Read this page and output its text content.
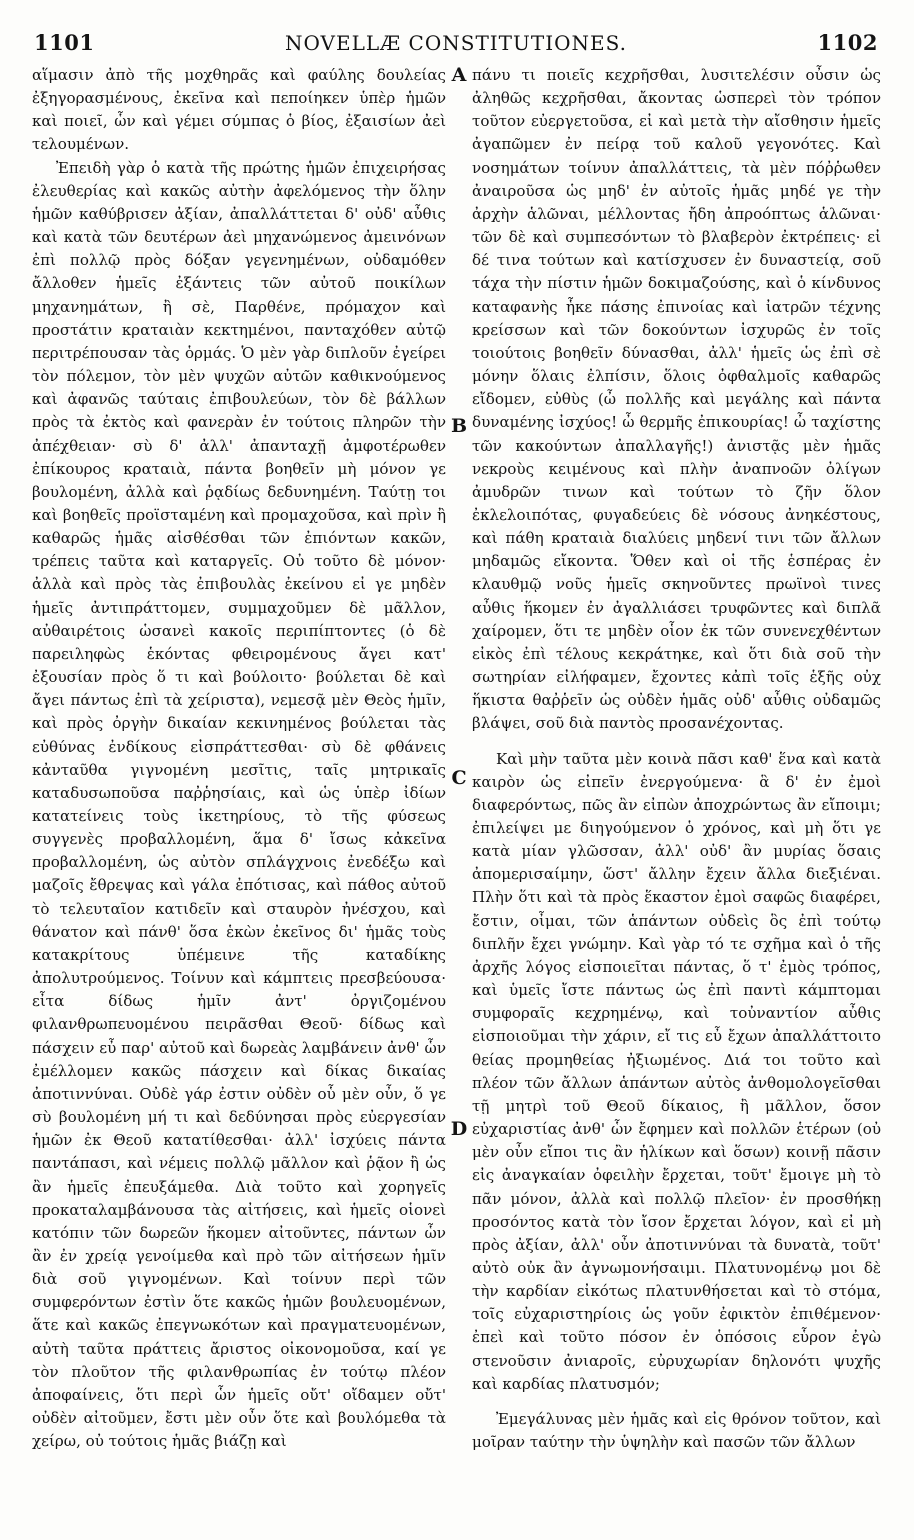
1101	NOVELLÆ CONSTITUTIONES.	1102

αἵμασιν ἀπὸ τῆς μοχθηρᾶς καὶ φαύλης δουλείας ἐξηγορασμένους, ἐκεῖνα καὶ πεποίηκεν ὑπὲρ ἡμῶν καὶ ποιεῖ, ὧν καὶ γέμει σύμπας ὁ βίος, ἐξαισίων ἀεὶ τελουμένων.

Ἐπειδὴ γὰρ ὁ κατὰ τῆς πρώτης ἡμῶν ἐπιχειρήσας ἐλευθερίας καὶ κακῶς αὐτὴν ἀφελόμενος τὴν ὅλην ἡμῶν καθύβρισεν ἀξίαν, ἀπαλλάττεται δ' οὐδ' αὖθις καὶ κατὰ τῶν δευτέρων ἀεὶ μηχανώμενος ἀμεινόνων ἐπὶ πολλῷ πρὸς δόξαν γεγενημένων, οὐδαμόθεν ἄλλοθεν ἡμεῖς ἐξάντεις τῶν αὐτοῦ ποικίλων μηχανημάτων, ἢ σὲ, Παρθένε, πρόμαχον καὶ προστάτιν κραταιὰν κεκτημένοι, πανταχόθεν αὐτῷ περιτρέπουσαν τὰς ὁρμάς. Ὁ μὲν γὰρ διπλοῦν ἐγείρει τὸν πόλεμον, τὸν μὲν ψυχῶν αὐτῶν καθικνούμενος καὶ ἀφανῶς ταύταις ἐπιβουλεύων, τὸν δὲ βάλλων πρὸς τὰ ἐκτὸς καὶ φανερὰν ἐν τούτοις πληρῶν τὴν ἀπέχθειαν· σὺ δ' ἀλλ' ἀπανταχῇ ἀμφοτέρωθεν ἐπίκουρος κραταιὰ, πάντα βοηθεῖν μὴ μόνον γε βουλομένη, ἀλλὰ καὶ ῥᾳδίως δεδυνημένη. Ταύτῃ τοι καὶ βοηθεῖς προϊσταμένη καὶ προμαχοῦσα, καὶ πρὶν ἢ καθαρῶς ἡμᾶς αἰσθέσθαι τῶν ἐπιόντων κακῶν, τρέπεις ταῦτα καὶ καταργεῖς. Οὐ τοῦτο δὲ μόνον· ἀλλὰ καὶ πρὸς τὰς ἐπιβουλὰς ἐκείνου εἰ γε μηδὲν ἡμεῖς ἀντιπράττομεν, συμμαχοῦμεν δὲ μᾶλλον, αὐθαιρέτοις ὡσανεὶ κακοῖς περιπίπτοντες (ὁ δὲ παρειληφὼς ἑκόντας φθειρομένους ἄγει κατ' ἐξουσίαν πρὸς ὅ τι καὶ βούλοιτο· βούλεται δὲ καὶ ἄγει πάντως ἐπὶ τὰ χείριστα), νεμεσᾷ μὲν Θεὸς ἡμῖν, καὶ πρὸς ὀργὴν δικαίαν κεκινημένος βούλεται τὰς εὐθύνας ἐνδίκους εἰσπράττεσθαι· σὺ δὲ φθάνεις κἀνταῦθα γιγνομένη μεσῖτις, ταῖς μητρικαῖς καταδυσωποῦσα παῤῥησίαις, καὶ ὡς ὑπὲρ ἰδίων κατατείνεις τοὺς ἱκετηρίους, τὸ τῆς φύσεως συγγενὲς προβαλλομένη, ἅμα δ' ἴσως κἀκεῖνα προβαλλομένη, ὡς αὐτὸν σπλάγχνοις ἐνεδέξω καὶ μαζοῖς ἔθρεψας καὶ γάλα ἐπότισας, καὶ πάθος αὐτοῦ τὸ τελευταῖον κατιδεῖν καὶ σταυρὸν ἠνέσχου, καὶ θάνατον καὶ πάνθ' ὅσα ἑκὼν ἐκεῖνος δι' ἡμᾶς τοὺς κατακρίτους ὑπέμεινε τῆς καταδίκης ἀπολυτρούμενος. Τοίνυν καὶ κάμπτεις πρεσβεύουσα· εἶτα δίδως ἡμῖν ἀντ' ὀργιζομένου φιλανθρωπευομένου πειρᾶσθαι Θεοῦ· δίδως καὶ πάσχειν εὖ παρ' αὐτοῦ καὶ δωρεὰς λαμβάνειν ἀνθ' ὧν ἐμέλλομεν κακῶς πάσχειν καὶ δίκας δικαίας ἀποτιννύναι. Οὐδὲ γάρ ἐστιν οὐδὲν οὗ μὲν οὖν, ὅ γε σὺ βουλομένη μή τι καὶ δεδύνησαι πρὸς εὐεργεσίαν ἡμῶν ἐκ Θεοῦ κατατίθεσθαι· ἀλλ' ἰσχύεις πάντα παντάπασι, καὶ νέμεις πολλῷ μᾶλλον καὶ ῥᾷον ἢ ὡς ἂν ἡμεῖς ἐπευξάμεθα. Διὰ τοῦτο καὶ χορηγεῖς προκαταλαμβάνουσα τὰς αἰτήσεις, καὶ ἡμεῖς οἱονεὶ κατόπιν τῶν δωρεῶν ἥκομεν αἰτοῦντες, πάντων ὧν ἂν ἐν χρείᾳ γενοίμεθα καὶ πρὸ τῶν αἰτήσεων ἡμῖν διὰ σοῦ γιγνομένων. Καὶ τοίνυν περὶ τῶν συμφερόντων ἐστὶν ὅτε κακῶς ἡμῶν βουλευομένων, ἅτε καὶ κακῶς ἐπεγνωκότων καὶ πραγματευομένων, αὐτὴ ταῦτα πράττεις ἄριστος οἰκονομοῦσα, καί γε τὸν πλοῦτον τῆς φιλανθρωπίας ἐν τούτῳ πλέον ἀποφαίνεις, ὅτι περὶ ὧν ἡμεῖς οὔτ' οἴδαμεν οὔτ' οὐδὲν αἰτοῦμεν, ἔστι μὲν οὖν ὅτε καὶ βουλόμεθα τὰ χείρω, οὐ τούτοις ἡμᾶς βιάζῃ καὶ

A
B
C
D

πάνυ τι ποιεῖς κεχρῆσθαι, λυσιτελέσιν οὖσιν ὡς ἀληθῶς κεχρῆσθαι, ἄκοντας ὡσπερεὶ τὸν τρόπον τοῦτον εὐεργετοῦσα, εἰ καὶ μετὰ τὴν αἴσθησιν ἡμεῖς ἀγαπῶμεν ἐν πείρᾳ τοῦ καλοῦ γεγονότες. Καὶ νοσημάτων τοίνυν ἀπαλλάττεις, τὰ μὲν πόῤῥωθεν ἀναιροῦσα ὡς μηδ' ἐν αὐτοῖς ἡμᾶς μηδέ γε τὴν ἀρχὴν ἁλῶναι, μέλλοντας ἤδη ἀπροόπτως ἁλῶναι· τῶν δὲ καὶ συμπεσόντων τὸ βλαβερὸν ἐκτρέπεις· εἰ δέ τινα τούτων καὶ κατίσχυσεν ἐν δυναστείᾳ, σοῦ τάχα τὴν πίστιν ἡμῶν δοκιμαζούσης, καὶ ὁ κίνδυνος καταφανὴς ἧκε πάσης ἐπινοίας καὶ ἰατρῶν τέχνης κρείσσων καὶ τῶν δοκούντων ἰσχυρῶς ἐν τοῖς τοιούτοις βοηθεῖν δύνασθαι, ἀλλ' ἡμεῖς ὡς ἐπὶ σὲ μόνην ὅλαις ἐλπίσιν, ὅλοις ὀφθαλμοῖς καθαρῶς εἴδομεν, εὐθὺς (ὦ πολλῆς καὶ μεγάλης καὶ πάντα δυναμένης ἰσχύος! ὦ θερμῆς ἐπικουρίας! ὦ ταχίστης τῶν κακούντων ἀπαλλαγῆς!) ἀνιστᾷς μὲν ἡμᾶς νεκροὺς κειμένους καὶ πλὴν ἀναπνοῶν ὀλίγων ἀμυδρῶν τινων καὶ τούτων τὸ ζῆν ὅλον ἐκλελοιπότας, φυγαδεύεις δὲ νόσους ἀνηκέστους, καὶ πάθη κραταιὰ διαλύεις μηδενί τινι τῶν ἄλλων μηδαμῶς εἴκοντα. Ὅθεν καὶ οἱ τῆς ἑσπέρας ἐν κλαυθμῷ νοῦς ἡμεῖς σκηνοῦντες πρωϊνοὶ τινες αὖθις ἥκομεν ἐν ἀγαλλιάσει τρυφῶντες καὶ διπλᾶ χαίρομεν, ὅτι τε μηδὲν οἷον ἐκ τῶν συνενεχθέντων εἰκὸς ἐπὶ τέλους κεκράτηκε, καὶ ὅτι διὰ σοῦ τὴν σωτηρίαν εἰλήφαμεν, ἔχοντες κἀπὶ τοῖς ἑξῆς οὐχ ἥκιστα θαῤῥεῖν ὡς οὐδὲν ἡμᾶς οὐδ' αὖθις οὐδαμῶς βλάψει, σοῦ διὰ παντὸς προσανέχοντας.

Καὶ μὴν ταῦτα μὲν κοινὰ πᾶσι καθ' ἕνα καὶ κατὰ καιρὸν ὡς εἰπεῖν ἐνεργούμενα· ἃ δ' ἐν ἐμοὶ διαφερόντως, πῶς ἂν εἰπὼν ἀποχρώντως ἂν εἴποιμι; ἐπιλείψει με διηγούμενον ὁ χρόνος, καὶ μὴ ὅτι γε κατὰ μίαν γλῶσσαν, ἀλλ' οὐδ' ἂν μυρίας ὅσαις ἀπομερισαίμην, ὥστ' ἄλλην ἔχειν ἄλλα διεξιέναι. Πλὴν ὅτι καὶ τὰ πρὸς ἕκαστον ἐμοὶ σαφῶς διαφέρει, ἔστιν, οἶμαι, τῶν ἁπάντων οὐδεὶς ὃς ἐπὶ τούτῳ διπλῆν ἔχει γνώμην. Καὶ γὰρ τό τε σχῆμα καὶ ὁ τῆς ἀρχῆς λόγος εἰσποιεῖται πάντας, ὅ τ' ἐμὸς τρόπος, καὶ ὑμεῖς ἴστε πάντως ὡς ἐπὶ παντὶ κάμπτομαι συμφοραῖς κεχρημένῳ, καὶ τοὐναντίον αὖθις εἰσποιοῦμαι τὴν χάριν, εἴ τις εὖ ἔχων ἀπαλλάττοιτο θείας προμηθείας ἠξιωμένος. Διά τοι τοῦτο καὶ πλέον τῶν ἄλλων ἁπάντων αὐτὸς ἀνθομολογεῖσθαι τῇ μητρὶ τοῦ Θεοῦ δίκαιος, ἢ μᾶλλον, ὅσον εὐχαριστίας ἀνθ' ὧν ἔφημεν καὶ πολλῶν ἑτέρων (οὐ μὲν οὖν εἴποι τις ἂν ἡλίκων καὶ ὅσων) κοινῇ πᾶσιν εἰς ἀναγκαίαν ὀφειλὴν ἔρχεται, τοῦτ' ἔμοιγε μὴ τὸ πᾶν μόνον, ἀλλὰ καὶ πολλῷ πλεῖον· ἐν προσθήκῃ προσόντος κατὰ τὸν ἴσον ἔρχεται λόγον, καὶ εἰ μὴ πρὸς ἀξίαν, ἀλλ' οὖν ἀποτιννύναι τὰ δυνατὰ, τοῦτ' αὐτὸ οὐκ ἂν ἀγνωμονήσαιμι. Πλατυνομένῳ μοι δὲ τὴν καρδίαν εἰκότως πλατυνθήσεται καὶ τὸ στόμα, τοῖς εὐχαριστηρίοις ὡς γοῦν ἐφικτὸν ἐπιθέμενον· ἐπεὶ καὶ τοῦτο πόσον ἐν ὁπόσοις εὗρον ἐγὼ στενοῦσιν ἀνιαροῖς, εὐρυχωρίαν δηλονότι ψυχῆς καὶ καρδίας πλατυσμόν;

Ἐμεγάλυνας μὲν ἡμᾶς καὶ εἰς θρόνον τοῦτον, καὶ μοῖραν ταύτην τὴν ὑψηλὴν καὶ πασῶν τῶν ἄλλων
